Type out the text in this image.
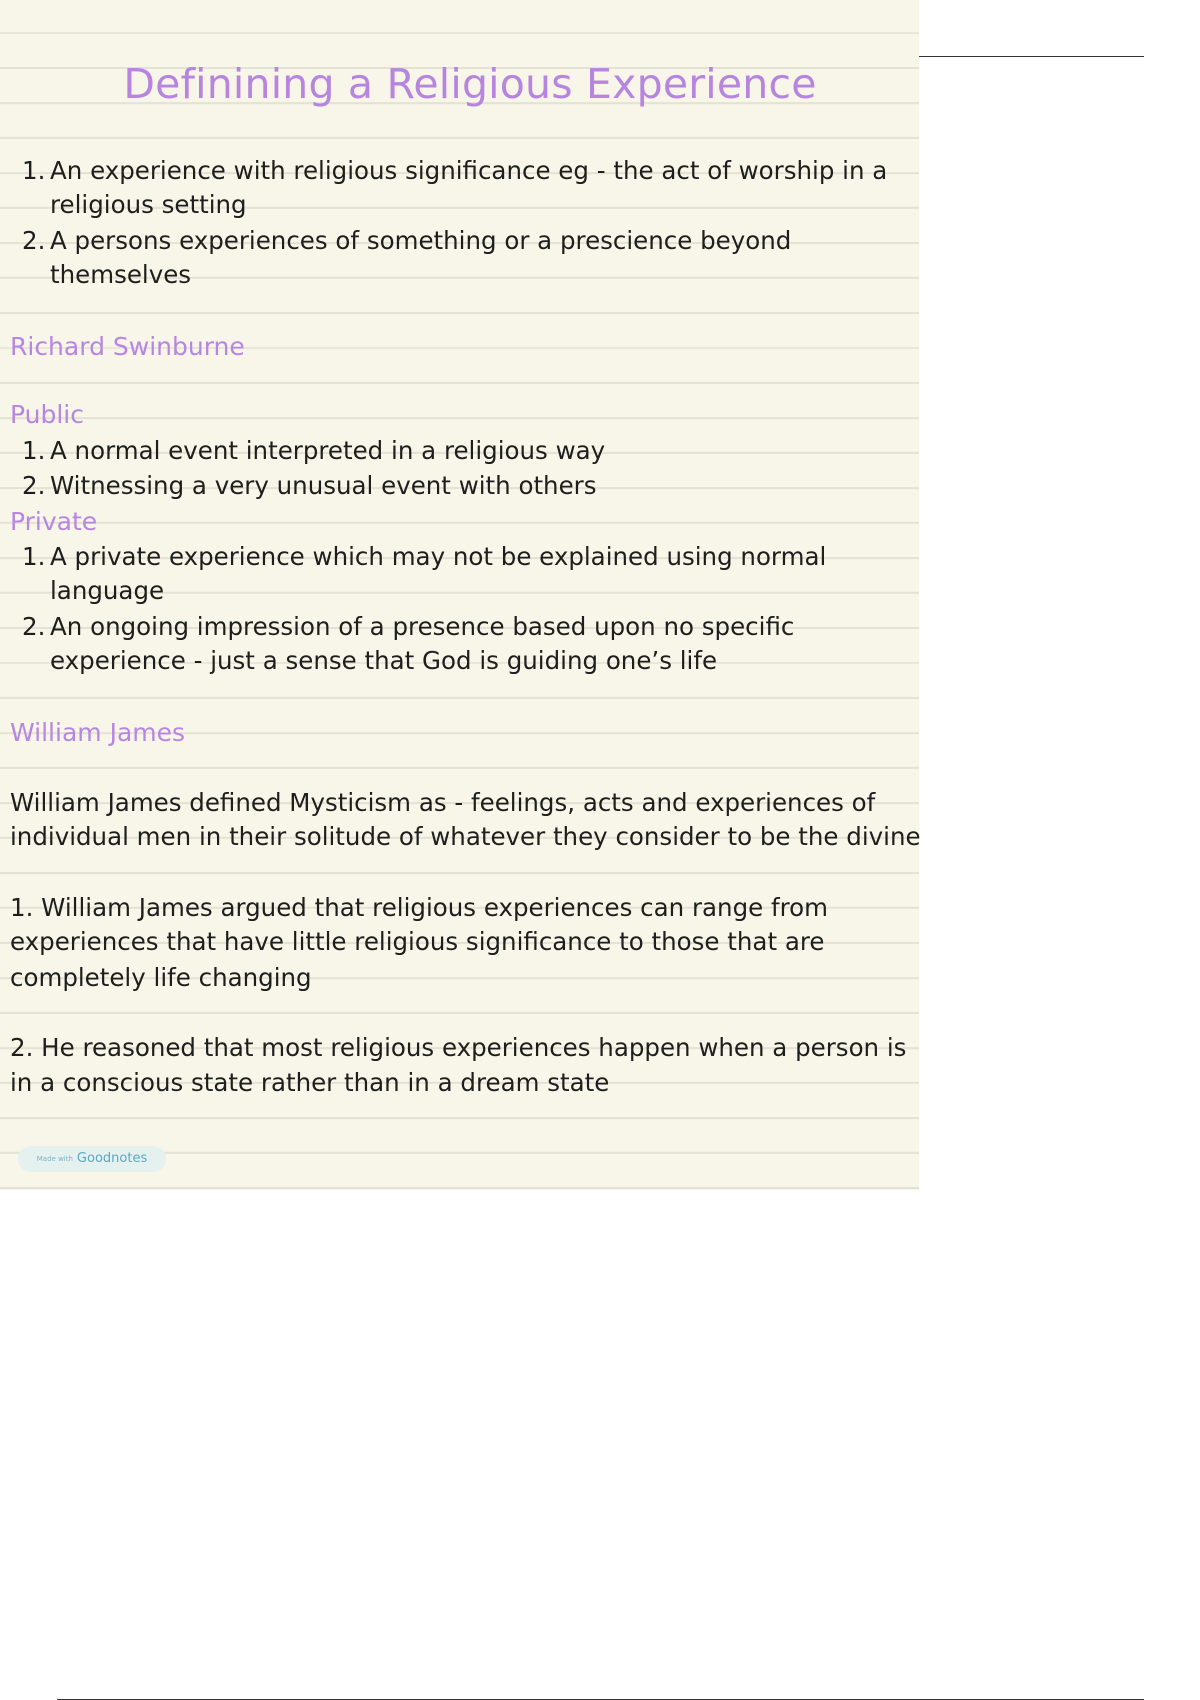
Definining a Religious Experience
1. An experience with religious significance eg - the act of worship in a
religious setting
2. A persons experiences of something or a prescience beyond
themselves
Richard Swinburne
Public
1. A normal event interpreted in a religious way
2. Witnessing a very unusual event with others
Private
1. A private experience which may not be explained using normal
language
2. An ongoing impression of a presence based upon no specific
experience - just a sense that God is guiding one’s life
William James
William James defined Mysticism as - feelings, acts and experiences of
individual men in their solitude of whatever they consider to be the divine
1. William James argued that religious experiences can range from
experiences that have little religious significance to those that are
completely life changing
2. He reasoned that most religious experiences happen when a person is
in a conscious state rather than in a dream state
Made with Goodnotes
